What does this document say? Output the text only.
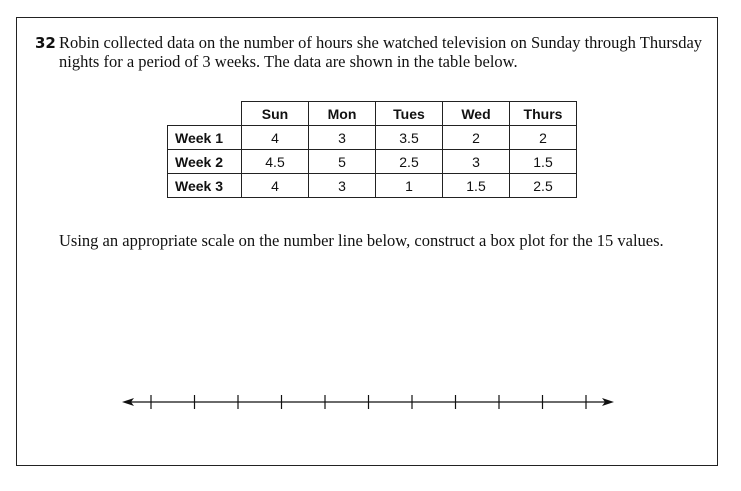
32 Robin collected data on the number of hours she watched television on Sunday through Thursday
nights for a period of 3 weeks. The data are shown in the table below.
	Sun	Mon	Tues	Wed	Thurs
Week 1	4	3	3.5	2	2
Week 2	4.5	5	2.5	3	1.5
Week 3	4	3	1	1.5	2.5
Using an appropriate scale on the number line below, construct a box plot for the 15 values.
